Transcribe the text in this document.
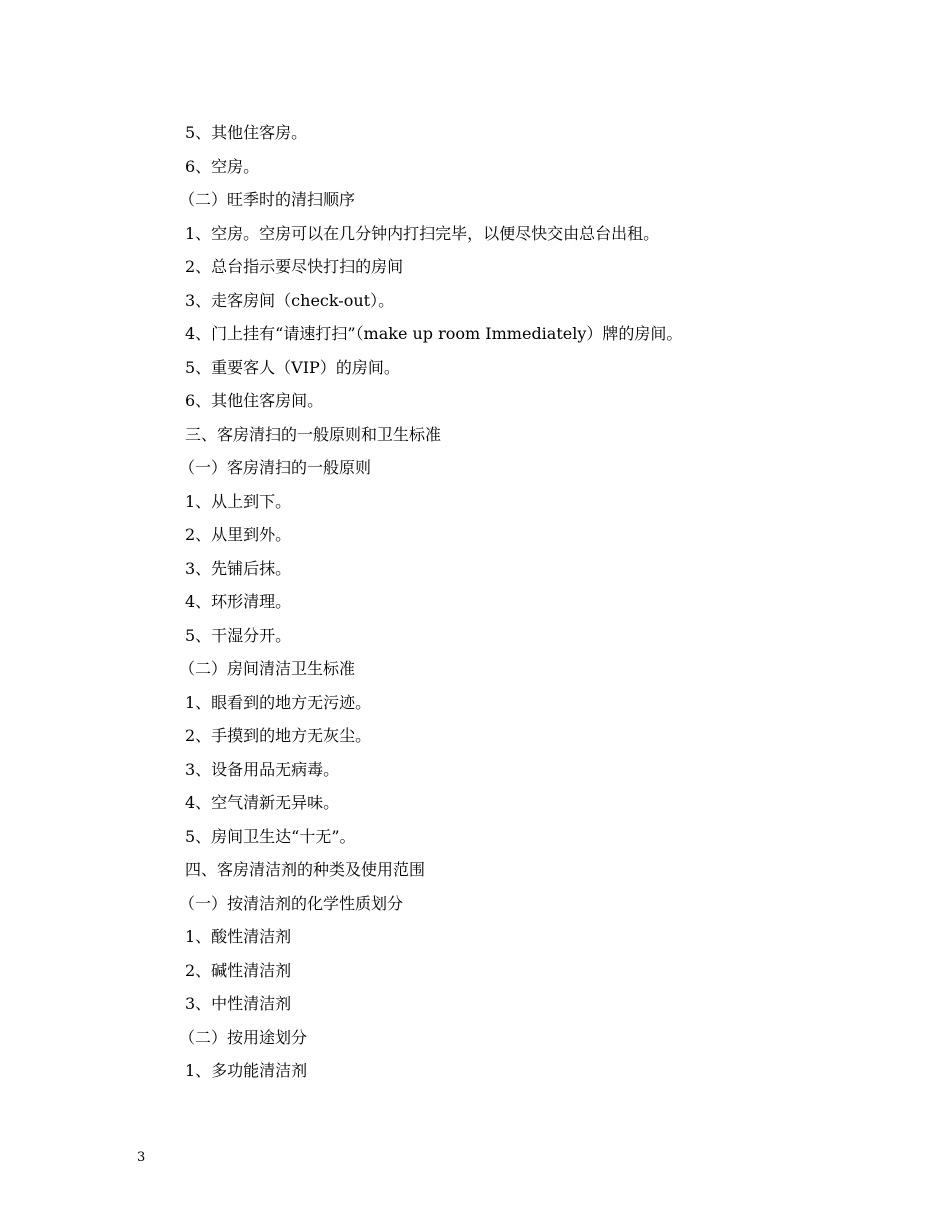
5、其他住客房。
6、空房。
（二）旺季时的清扫顺序
1、空房。空房可以在几分钟内打扫完毕，以便尽快交由总台出租。
2、总台指示要尽快打扫的房间
3、走客房间（check-out）。
4、门上挂有“请速打扫”（make up room Immediately）牌的房间。
5、重要客人（VIP）的房间。
6、其他住客房间。
三、客房清扫的一般原则和卫生标准
（一）客房清扫的一般原则
1、从上到下。
2、从里到外。
3、先铺后抹。
4、环形清理。
5、干湿分开。
（二）房间清洁卫生标准
1、眼看到的地方无污迹。
2、手摸到的地方无灰尘。
3、设备用品无病毒。
4、空气清新无异味。
5、房间卫生达“十无”。
四、客房清洁剂的种类及使用范围
（一）按清洁剂的化学性质划分
1、酸性清洁剂
2、碱性清洁剂
3、中性清洁剂
（二）按用途划分
1、多功能清洁剂
3
